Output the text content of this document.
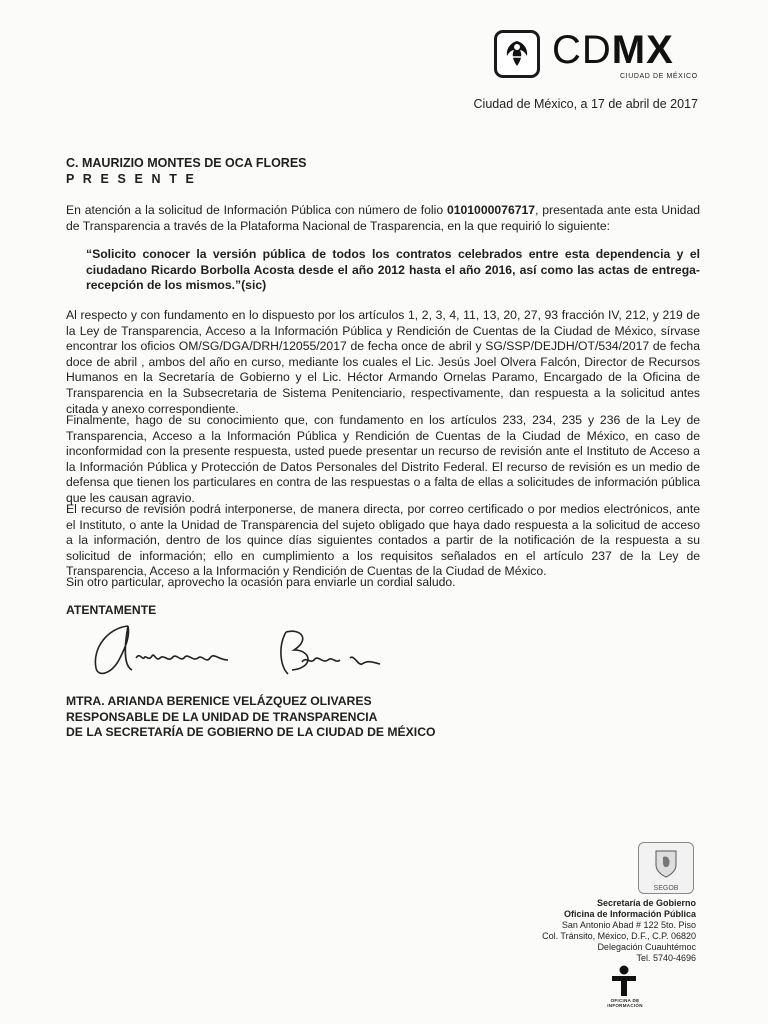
CDMX
CIUDAD DE MÉXICO
Ciudad de México, a 17 de abril de 2017
C. MAURIZIO MONTES DE OCA FLORES
P R E S E N T E

En atención a la solicitud de Información Pública con número de folio 0101000076717, presentada ante esta Unidad de Transparencia a través de la Plataforma Nacional de Trasparencia, en la que requirió lo siguiente:

“Solicito conocer la versión pública de todos los contratos celebrados entre esta dependencia y el ciudadano Ricardo Borbolla Acosta desde el año 2012 hasta el año 2016, así como las actas de entrega-recepción de los mismos.”(sic)

Al respecto y con fundamento en lo dispuesto por los artículos 1, 2, 3, 4, 11, 13, 20, 27, 93 fracción IV, 212, y 219 de la Ley de Transparencia, Acceso a la Información Pública y Rendición de Cuentas de la Ciudad de México, sírvase encontrar los oficios OM/SG/DGA/DRH/12055/2017 de fecha once de abril y SG/SSP/DEJDH/OT/534/2017 de fecha doce de abril , ambos del año en curso, mediante los cuales el Lic. Jesús Joel Olvera Falcón, Director de Recursos Humanos en la Secretaría de Gobierno y el Lic. Héctor Armando Ornelas Paramo, Encargado de la Oficina de Transparencia en la Subsecretaria de Sistema Penitenciario, respectivamente, dan respuesta a la solicitud antes citada y anexo correspondiente.

Finalmente, hago de su conocimiento que, con fundamento en los artículos 233, 234, 235 y 236 de la Ley de Transparencia, Acceso a la Información Pública y Rendición de Cuentas de la Ciudad de México, en caso de inconformidad con la presente respuesta, usted puede presentar un recurso de revisión ante el Instituto de Acceso a la Información Pública y Protección de Datos Personales del Distrito Federal. El recurso de revisión es un medio de defensa que tienen los particulares en contra de las respuestas o a falta de ellas a solicitudes de información pública que les causan agravio.

El recurso de revisión podrá interponerse, de manera directa, por correo certificado o por medios electrónicos, ante el Instituto, o ante la Unidad de Transparencia del sujeto obligado que haya dado respuesta a la solicitud de acceso a la información, dentro de los quince días siguientes contados a partir de la notificación de la respuesta a su solicitud de información; ello en cumplimiento a los requisitos señalados en el artículo 237 de la Ley de Transparencia, Acceso a la Información y Rendición de Cuentas de la Ciudad de México.

Sin otro particular, aprovecho la ocasión para enviarle un cordial saludo.

ATENTAMENTE
MTRA. ARIANDA BERENICE VELÁZQUEZ OLIVARES
RESPONSABLE DE LA UNIDAD DE TRANSPARENCIA
DE LA SECRETARÍA DE GOBIERNO DE LA CIUDAD DE MÉXICO
SEGOB
Secretaría de Gobierno
Oficina de Información Pública
San Antonio Abad # 122 5to. Piso
Col. Tránsito, México, D.F., C.P. 06820
Delegación Cuauhtémoc
Tel. 5740-4696
OFICINA DE INFORMACIÓN
